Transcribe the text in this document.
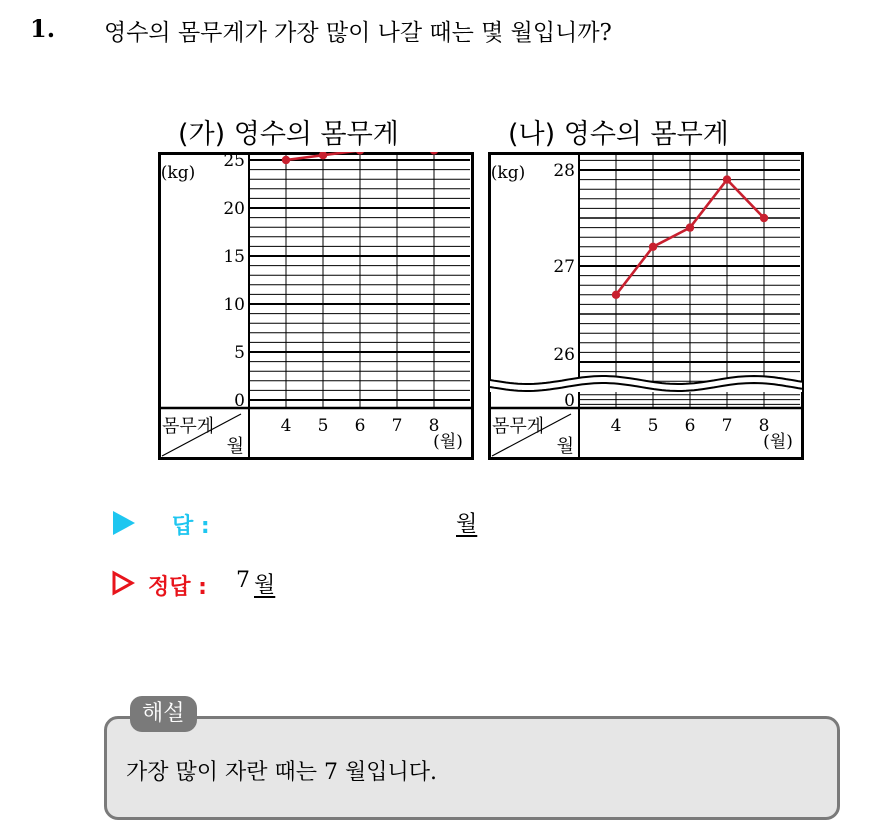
1. 영수의 몸무게가 가장 많이 나갈 때는 몇 월입니까?
(가) 영수의 몸무게	(나) 영수의 몸무게
0
5
10
15
20
25
(kg)
4 5 6 7 8
(월)
몸무게
월
28
27
26
0
(kg)
4 5 6 7 8
(월)
몸무게
월
답 :	월
정답 : 7 월
해설
가장 많이 자란 때는 7 월입니다.
